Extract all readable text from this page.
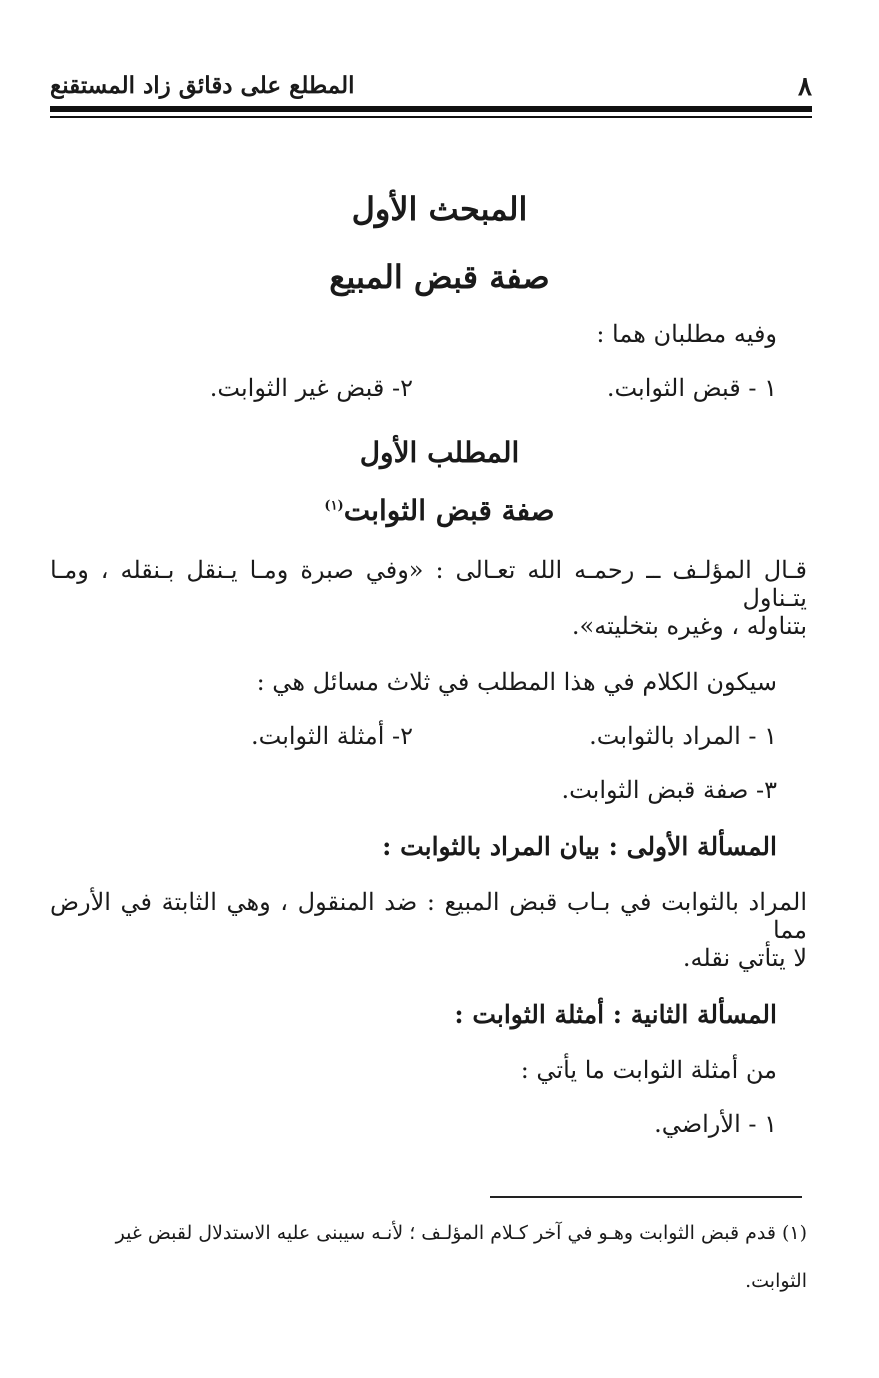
٨
المطلع على دقائق زاد المستقنع
المبحث الأول
صفة قبض المبيع
وفيه مطلبان هما :
١ - قبض الثوابت.
٢- قبض غير الثوابت.
المطلب الأول
صفة قبض الثوابت$^{(١)}$
قـال المؤلـف ــ رحمـه الله تعـالى : «وفي صبرة ومـا يـنقل بـنقله ، ومـا يتـناول
بتناوله ، وغيره بتخليته».
سيكون الكلام في هذا المطلب في ثلاث مسائل هي :
١ - المراد بالثوابت.
٢- أمثلة الثوابت.
٣- صفة قبض الثوابت.
المسألة الأولى : بيان المراد بالثوابت :
المراد بالثوابت في بـاب قبض المبيع : ضد المنقول ، وهي الثابتة في الأرض مما
لا يتأتي نقله.
المسألة الثانية : أمثلة الثوابت :
من أمثلة الثوابت ما يأتي :
١ - الأراضي.
(١) قدم قبض الثوابت وهـو في آخر كـلام المؤلـف ؛ لأنـه سيبنى عليه الاستدلال لقبض غير
الثوابت.
